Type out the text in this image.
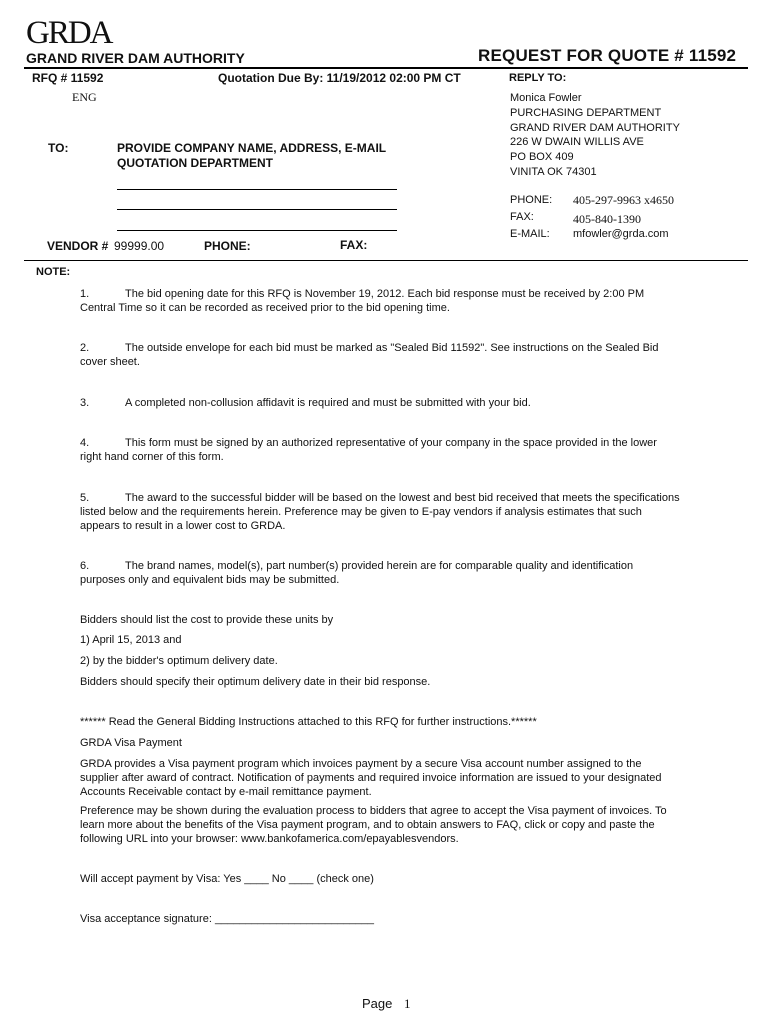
GRDA
GRAND RIVER DAM AUTHORITY	REQUEST FOR QUOTE # 11592
RFQ # 11592	Quotation Due By: 11/19/2012 02:00 PM CT
ENG
TO:	PROVIDE COMPANY NAME, ADDRESS, E-MAIL
QUOTATION DEPARTMENT
VENDOR # 99999.00	PHONE:	FAX:
REPLY TO:
Monica Fowler
PURCHASING DEPARTMENT
GRAND RIVER DAM AUTHORITY
226 W DWAIN WILLIS AVE
PO BOX 409
VINITA OK 74301
PHONE: 405-297-9963 x4650
FAX:	405-840-1390
E-MAIL: mfowler@grda.com
NOTE:
1.	The bid opening date for this RFQ is November 19, 2012. Each bid response must be received by 2:00 PM Central Time so it can be recorded as received prior to the bid opening time.
2.	The outside envelope for each bid must be marked as "Sealed Bid 11592". See instructions on the Sealed Bid cover sheet.
3.	A completed non-collusion affidavit is required and must be submitted with your bid.
4.	This form must be signed by an authorized representative of your company in the space provided in the lower right hand corner of this form.
5.	The award to the successful bidder will be based on the lowest and best bid received that meets the specifications listed below and the requirements herein. Preference may be given to E-pay vendors if analysis estimates that such appears to result in a lower cost to GRDA.
6.	The brand names, model(s), part number(s) provided herein are for comparable quality and identification purposes only and equivalent bids may be submitted.
Bidders should list the cost to provide these units by
1) April 15, 2013 and
2) by the bidder's optimum delivery date.
Bidders should specify their optimum delivery date in their bid response.
****** Read the General Bidding Instructions attached to this RFQ for further instructions.******
GRDA Visa Payment
GRDA provides a Visa payment program which invoices payment by a secure Visa account number assigned to the supplier after award of contract. Notification of payments and required invoice information are issued to your designated Accounts Receivable contact by e-mail remittance payment.
Preference may be shown during the evaluation process to bidders that agree to accept the Visa payment of invoices. To learn more about the benefits of the Visa payment program, and to obtain answers to FAQ, click or copy and paste the following URL into your browser: www.bankofamerica.com/epayablesvendors.
Will accept payment by Visa: Yes ____ No ____ (check one)
Visa acceptance signature: __________________________
Page 1
